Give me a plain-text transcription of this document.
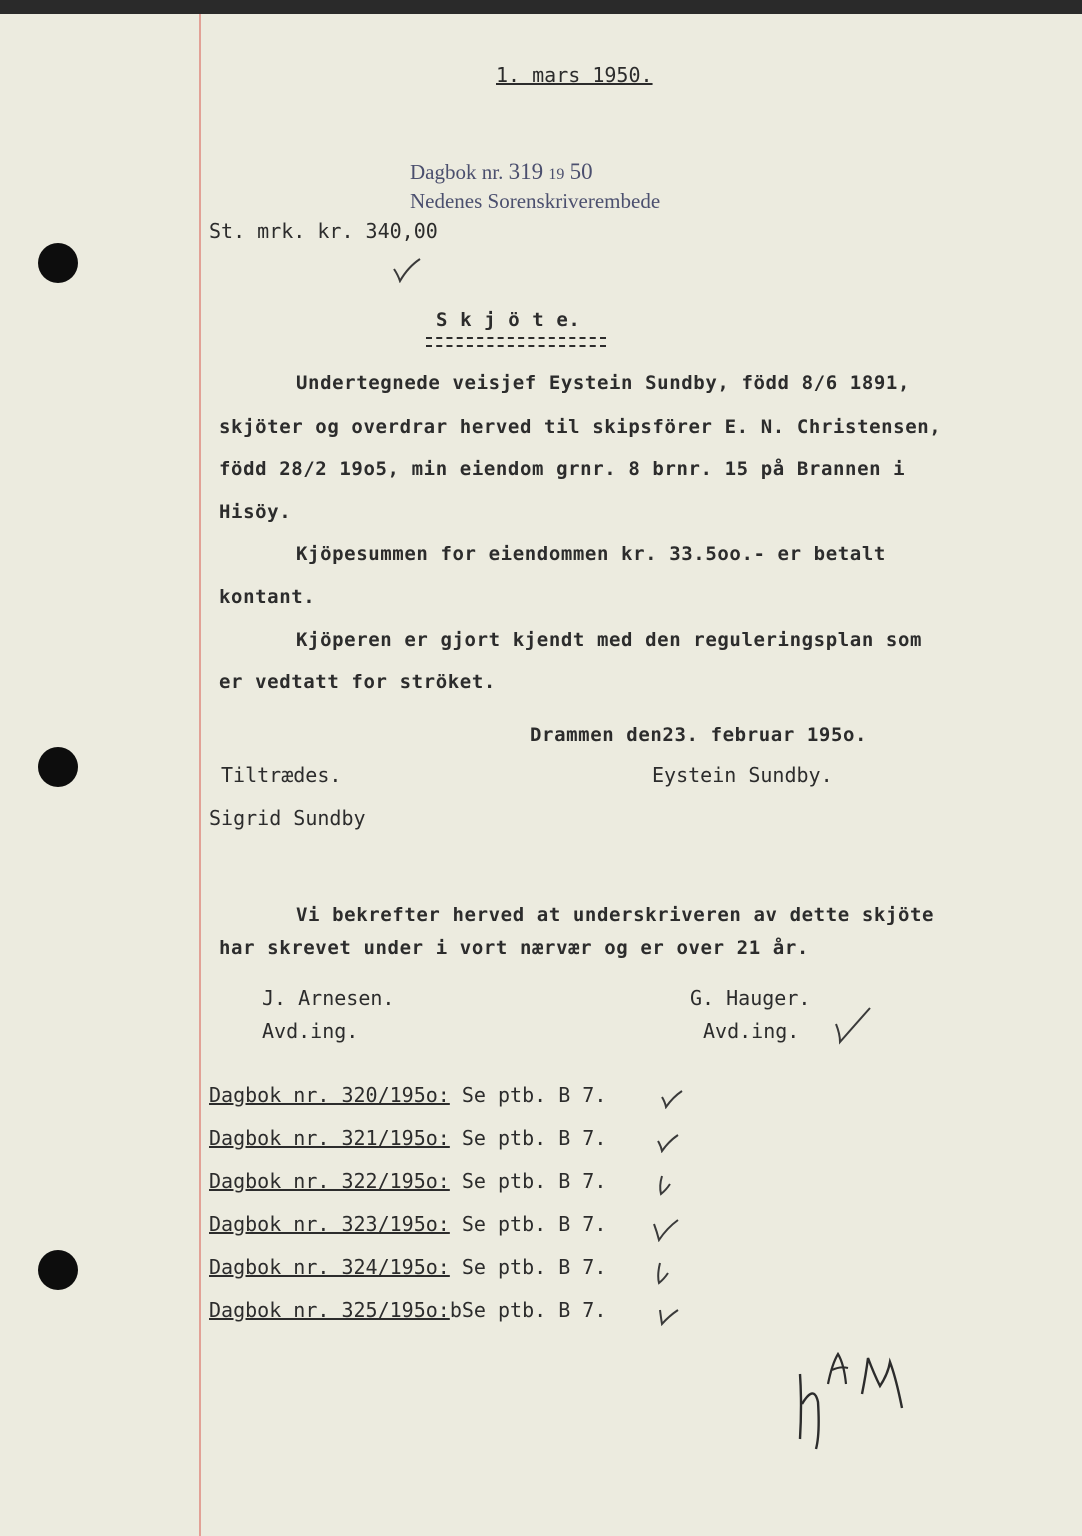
1. mars 1950.
Dagbok nr. 319 19 50
Nedenes Sorenskriverembede
St. mrk. kr. 340,00
S k j ö t e.
Undertegnede veisjef Eystein Sundby, född 8/6 1891,
skjöter og overdrar herved til skipsförer E. N. Christensen,
född 28/2 19o5, min eiendom grnr. 8 brnr. 15 på Brannen i
Hisöy.
Kjöpesummen for eiendommen kr. 33.5oo.- er betalt
kontant.
Kjöperen er gjort kjendt med den reguleringsplan som
er vedtatt for ströket.
Drammen den23. februar 195o.
Tiltrædes.	Eystein Sundby.
Sigrid Sundby
Vi bekrefter herved at underskriveren av dette skjöte
har skrevet under i vort nærvær og er over 21 år.
J. Arnesen.
Avd.ing.
G. Hauger.
Avd.ing.
Dagbok nr. 320/195o: Se ptb. B 7.
Dagbok nr. 321/195o: Se ptb. B 7.
Dagbok nr. 322/195o: Se ptb. B 7.
Dagbok nr. 323/195o: Se ptb. B 7.
Dagbok nr. 324/195o: Se ptb. B 7.
Dagbok nr. 325/195o:bSe ptb. B 7.
